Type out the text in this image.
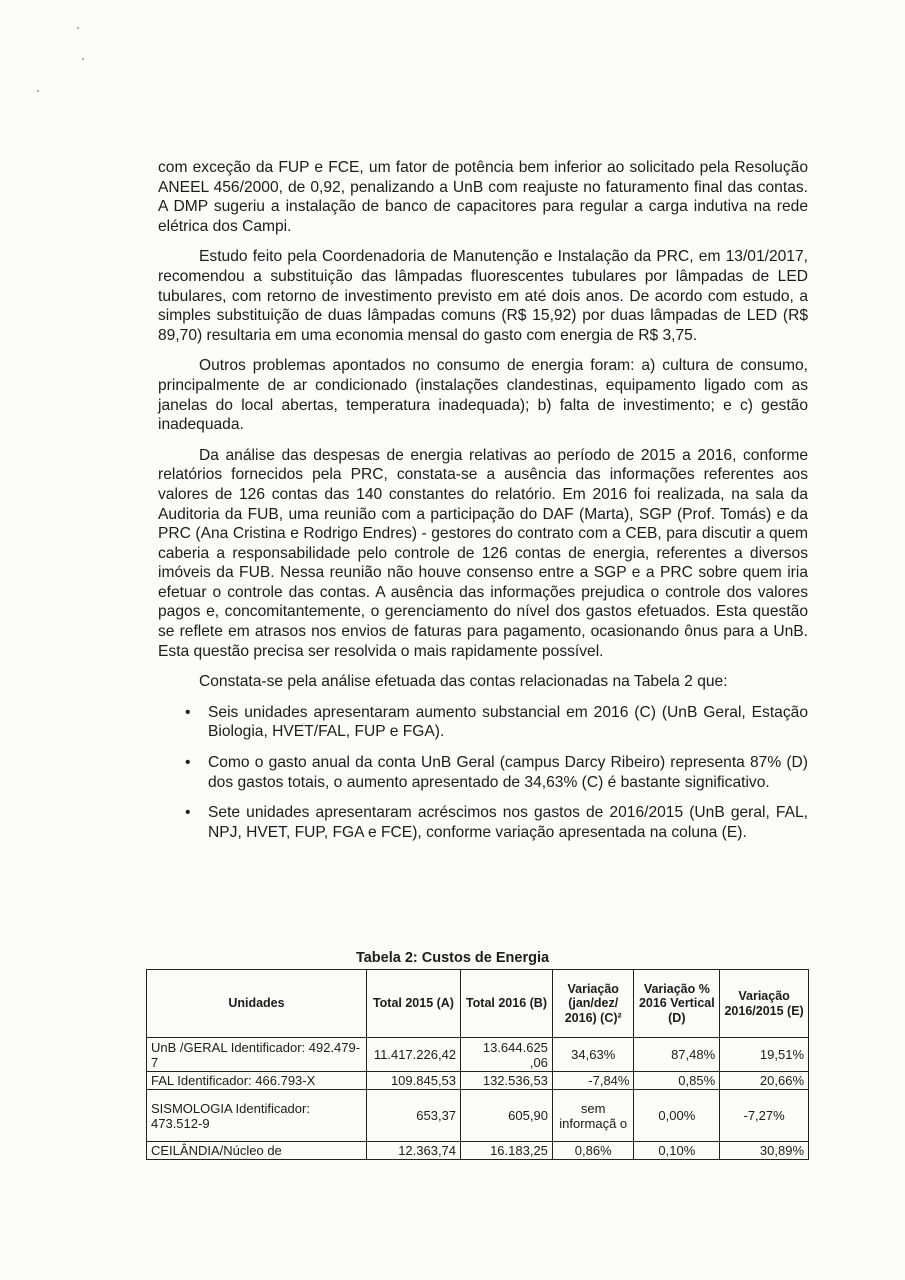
com exceção da FUP e FCE, um fator de potência bem inferior ao solicitado pela Resolução ANEEL 456/2000, de 0,92, penalizando a UnB com reajuste no faturamento final das contas. A DMP sugeriu a instalação de banco de capacitores para regular a carga indutiva na rede elétrica dos Campi.

Estudo feito pela Coordenadoria de Manutenção e Instalação da PRC, em 13/01/2017, recomendou a substituição das lâmpadas fluorescentes tubulares por lâmpadas de LED tubulares, com retorno de investimento previsto em até dois anos. De acordo com estudo, a simples substituição de duas lâmpadas comuns (R$ 15,92) por duas lâmpadas de LED (R$ 89,70) resultaria em uma economia mensal do gasto com energia de R$ 3,75.

Outros problemas apontados no consumo de energia foram: a) cultura de consumo, principalmente de ar condicionado (instalações clandestinas, equipamento ligado com as janelas do local abertas, temperatura inadequada); b) falta de investimento; e c) gestão inadequada.

Da análise das despesas de energia relativas ao período de 2015 a 2016, conforme relatórios fornecidos pela PRC, constata-se a ausência das informações referentes aos valores de 126 contas das 140 constantes do relatório. Em 2016 foi realizada, na sala da Auditoria da FUB, uma reunião com a participação do DAF (Marta), SGP (Prof. Tomás) e da PRC (Ana Cristina e Rodrigo Endres) - gestores do contrato com a CEB, para discutir a quem caberia a responsabilidade pelo controle de 126 contas de energia, referentes a diversos imóveis da FUB. Nessa reunião não houve consenso entre a SGP e a PRC sobre quem iria efetuar o controle das contas. A ausência das informações prejudica o controle dos valores pagos e, concomitantemente, o gerenciamento do nível dos gastos efetuados. Esta questão se reflete em atrasos nos envios de faturas para pagamento, ocasionando ônus para a UnB. Esta questão precisa ser resolvida o mais rapidamente possível.

Constata-se pela análise efetuada das contas relacionadas na Tabela 2 que:

• Seis unidades apresentaram aumento substancial em 2016 (C) (UnB Geral, Estação Biologia, HVET/FAL, FUP e FGA).
• Como o gasto anual da conta UnB Geral (campus Darcy Ribeiro) representa 87% (D) dos gastos totais, o aumento apresentado de 34,63% (C) é bastante significativo.
• Sete unidades apresentaram acréscimos nos gastos de 2016/2015 (UnB geral, FAL, NPJ, HVET, FUP, FGA e FCE), conforme variação apresentada na coluna (E).
Tabela 2: Custos de Energia
Unidades	Total 2015 (A)	Total 2016 (B)	Variação (jan/dez/ 2016) (C)²	Variação % 2016 Vertical (D)	Variação 2016/2015 (E)
UnB /GERAL Identificador: 492.479-7	11.417.226,42	13.644.625 ,06	34,63%	87,48%	19,51%
FAL Identificador: 466.793-X	109.845,53	132.536,53	-7,84%	0,85%	20,66%
SISMOLOGIA Identificador: 473.512-9	653,37	605,90	sem informaçã o	0,00%	-7,27%
CEILÂNDIA/Núcleo de	12.363,74	16.183,25	0,86%	0,10%	30,89%
